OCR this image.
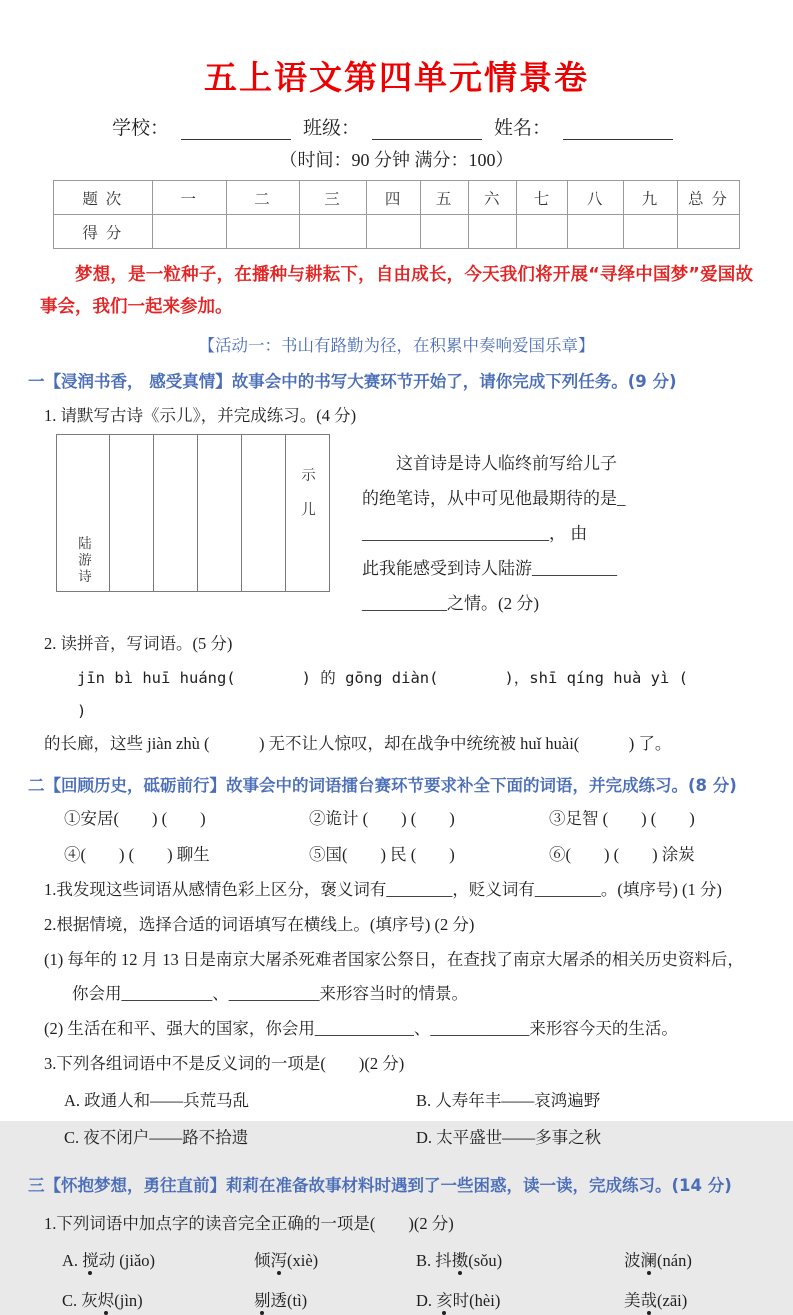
五上语文第四单元情景卷
学校：	班级：	姓名：
（时间：90 分钟 满分：100）
题 次	一	二	三	四	五	六	七	八	九	总 分
得 分										
梦想，是一粒种子，在播种与耕耘下，自由成长，今天我们将开展“寻绎中国梦”爱国故事会，我们一起来参加。
【活动一：书山有路勤为径，在积累中奏响爱国乐章】
一【浸润书香， 感受真情】故事会中的书写大赛环节开始了，请你完成下列任务。(9 分)
1. 请默写古诗《示儿》，并完成练习。(4 分)
陆游诗
示儿
这首诗是诗人临终前写给儿子
的绝笔诗，从中可见他最期待的是_
______________________， 由
此我能感受到诗人陆游__________
__________之情。(2 分)
2. 读拼音，写词语。(5 分)
jīn bì huī huáng(　　　　	) 的 gōng diàn(　　　　	)，shī qíng huà yì (　　　　)
的长廊，这些 jiàn zhù (　　　	) 无不让人惊叹，却在战争中统统被 huǐ huài(　　　	) 了。
二【回顾历史，砥砺前行】故事会中的词语擂台赛环节要求补全下面的词语，并完成练习。(8 分)
①安居(　　) (　　)	②诡计 (　　) (　　)	③足智 (　　) (　　)
④(　　) (　　) 聊生	⑤国(　　) 民 (　　)	⑥(　　) (　　) 涂炭
1.我发现这些词语从感情色彩上区分，褒义词有________，贬义词有________。(填序号) (1 分)
2.根据情境，选择合适的词语填写在横线上。(填序号) (2 分)
(1) 每年的 12 月 13 日是南京大屠杀死难者国家公祭日，在查找了南京大屠杀的相关历史资料后，
你会用___________、___________来形容当时的情景。
(2) 生活在和平、强大的国家，你会用____________、____________来形容今天的生活。
3.下列各组词语中不是反义词的一项是(　　)(2 分)
A. 政通人和——兵荒马乱	B. 人寿年丰——哀鸿遍野
C. 夜不闭户——路不拾遗	D. 太平盛世——多事之秋
三【怀抱梦想，勇往直前】莉莉在准备故事材料时遇到了一些困惑，读一读，完成练习。(14 分)
1.下列词语中加点字的读音完全正确的一项是(　　)(2 分)
A. 搅动 (jiǎo)	倾泻(xiè)	B. 抖擞(sǒu)	波澜(nán)
C. 灰烬(jìn)	剔透(tì)	D. 亥时(hèi)	美哉(zāi)
